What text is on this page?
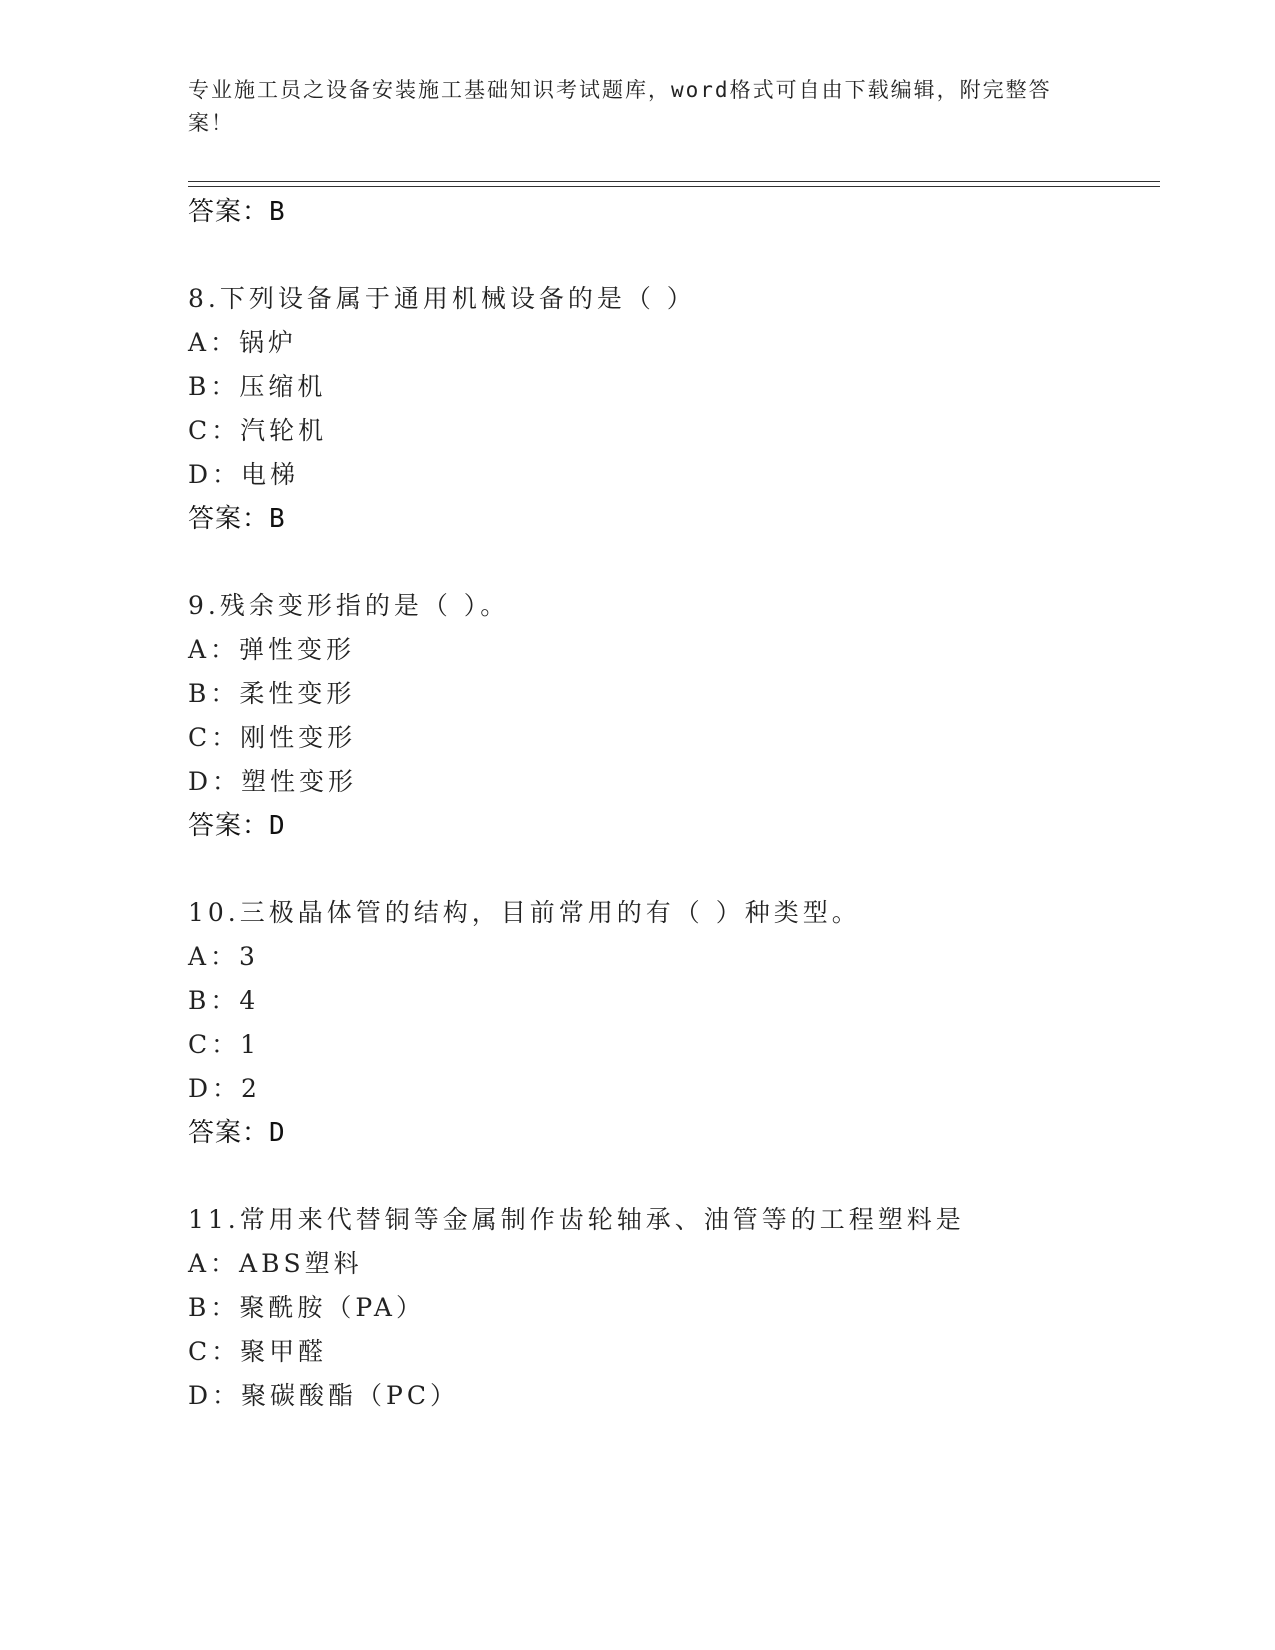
专业施工员之设备安装施工基础知识考试题库，word格式可自由下载编辑，附完整答案！
答案：B
8.下列设备属于通用机械设备的是（ ）
A：锅炉
B：压缩机
C：汽轮机
D：电梯
答案：B
9.残余变形指的是（ ）。
A：弹性变形
B：柔性变形
C：刚性变形
D：塑性变形
答案：D
10.三极晶体管的结构，目前常用的有（ ）种类型。
A：3
B：4
C：1
D：2
答案：D
11.常用来代替铜等金属制作齿轮轴承、油管等的工程塑料是
A：ABS塑料
B：聚酰胺（PA）
C：聚甲醛
D：聚碳酸酯（PC）
